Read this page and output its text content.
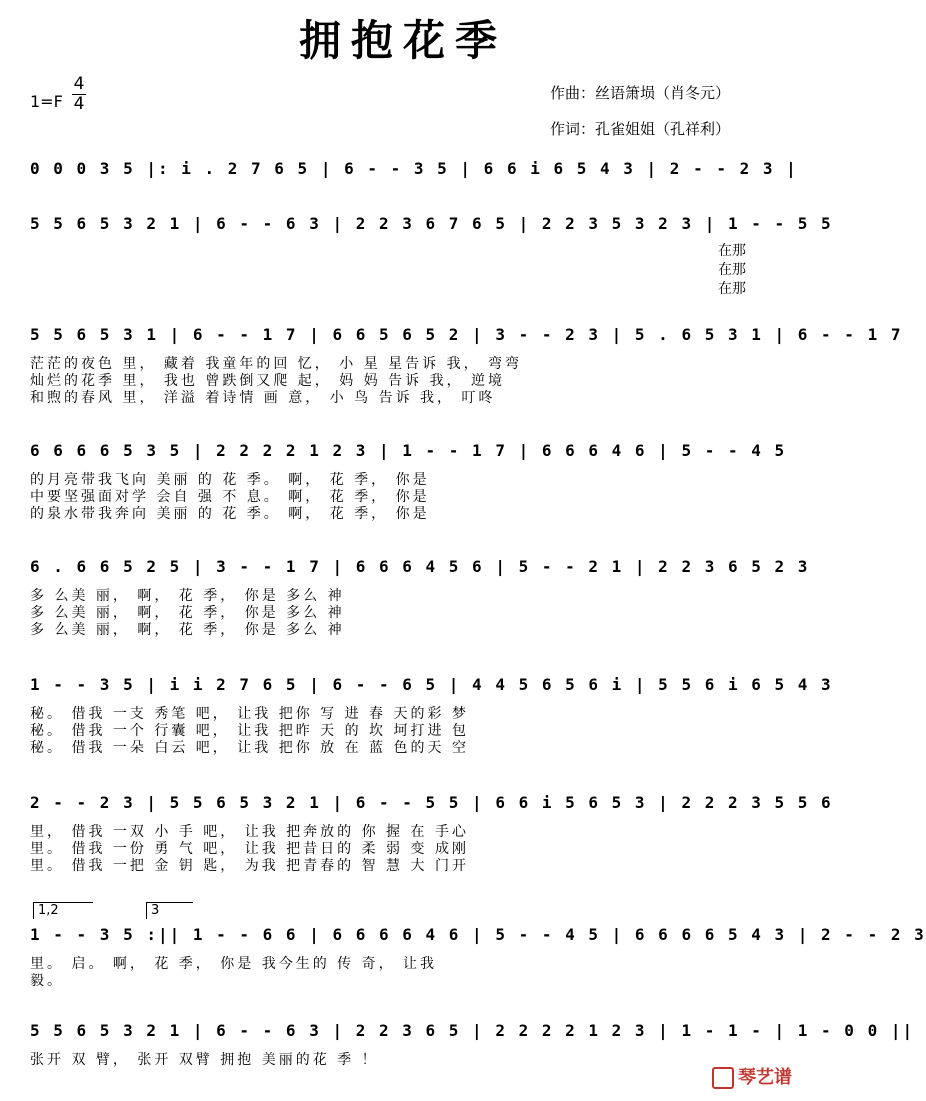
拥抱花季
1=F
4
4
作曲：丝语箫埙（肖冬元）
作词：孔雀姐姐（孔祥利）
0 0 0 3 5 |: i . 2 7 6 5 | 6 - - 3 5 | 6 6 i 6 5 4 3 | 2 - - 2 3 |
5 5 6 5 3 2 1 | 6 - - 6 3 | 2 2 3 6 7 6 5 | 2 2 3 5 3 2 3 | 1 - - 5 5
在那
在那
在那
5 5 6 5 3 1 | 6 - - 1 7 | 6 6 5 6 5 2 | 3 - - 2 3 | 5 . 6 5 3 1 | 6 - - 1 7
茫茫的夜色 里， 藏着 我童年的回 忆， 小 星 星告诉 我， 弯弯
灿烂的花季 里， 我也 曾跌倒又爬 起， 妈 妈 告诉 我， 逆境
和煦的春风 里， 洋溢 着诗情 画 意， 小 鸟 告诉 我， 叮咚
6 6 6 6 5 3 5 | 2 2 2 2 1 2 3 | 1 - - 1 7 | 6 6 6 4 6 | 5 - - 4 5
的月亮带我飞向 美丽 的 花 季。 啊， 花 季， 你是
中要坚强面对学 会自 强 不 息。 啊， 花 季， 你是
的泉水带我奔向 美丽 的 花 季。 啊， 花 季， 你是
6 . 6 6 5 2 5 | 3 - - 1 7 | 6 6 6 4 5 6 | 5 - - 2 1 | 2 2 3 6 5 2 3
多 么美 丽， 啊， 花 季， 你是 多么 神
多 么美 丽， 啊， 花 季， 你是 多么 神
多 么美 丽， 啊， 花 季， 你是 多么 神
1 - - 3 5 | i i 2 7 6 5 | 6 - - 6 5 | 4 4 5 6 5 6 i | 5 5 6 i 6 5 4 3
秘。 借我 一支 秀笔 吧， 让我 把你 写 进 春 天的彩 梦
秘。 借我 一个 行囊 吧， 让我 把昨 天 的 坎 坷打进 包
秘。 借我 一朵 白云 吧， 让我 把你 放 在 蓝 色的天 空
2 - - 2 3 | 5 5 6 5 3 2 1 | 6 - - 5 5 | 6 6 i 5 6 5 3 | 2 2 2 3 5 5 6
里， 借我 一双 小 手 吧， 让我 把奔放的 你 握 在 手心
里。 借我 一份 勇 气 吧， 让我 把昔日的 柔 弱 变 成刚
里。 借我 一把 金 钥 匙， 为我 把青春的 智 慧 大 门开
1,2	3
1 - - 3 5 :|| 1 - - 6 6 | 6 6 6 6 4 6 | 5 - - 4 5 | 6 6 6 6 5 4 3 | 2 - - 2 3
里。 启。 啊， 花 季， 你是 我今生的 传 奇， 让我
毅。
5 5 6 5 3 2 1 | 6 - - 6 3 | 2 2 3 6 5 | 2 2 2 2 1 2 3 | 1 - 1 - | 1 - 0 0 ||
张开 双 臂， 张开 双臂 拥抱 美丽的花 季 ！
琴艺谱
